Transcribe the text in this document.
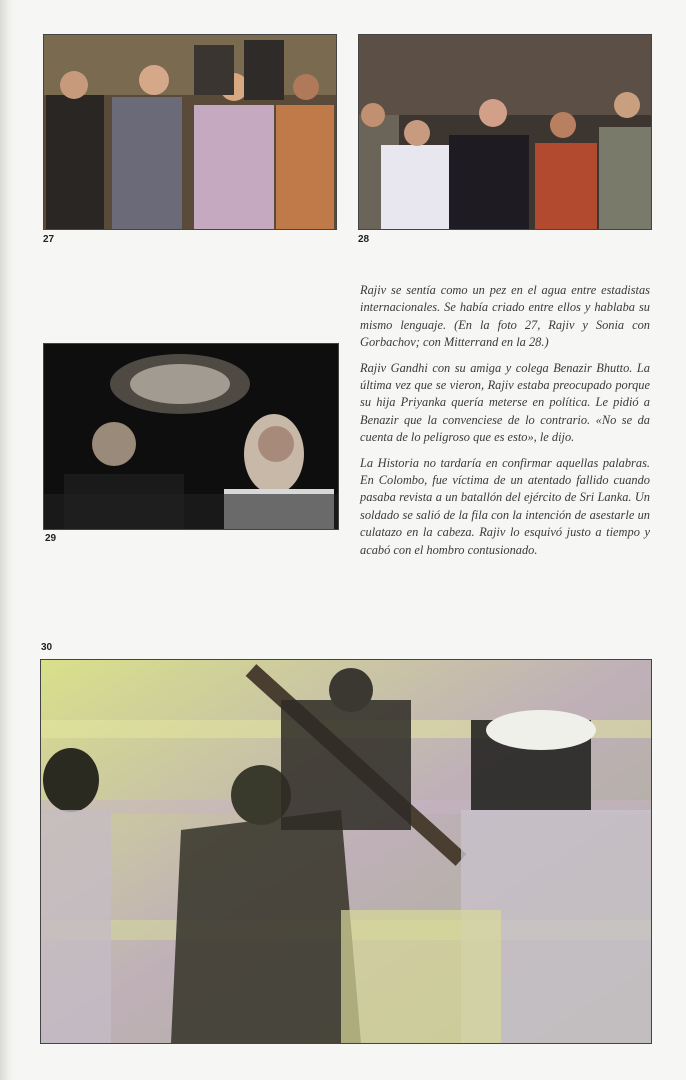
27	28
29

Rajiv se sentía como un pez en el agua entre estadistas internacionales. Se había criado entre ellos y hablaba su mismo lenguaje. (En la foto 27, Rajiv y Sonia con Gorbachov; con Mitterrand en la 28.)

Rajiv Gandhi con su amiga y colega Benazir Bhutto. La última vez que se vieron, Rajiv estaba preocupado porque su hija Priyanka quería meterse en política. Le pidió a Benazir que la convenciese de lo contrario. «No se da cuenta de lo peligroso que es esto», le dijo.

La Historia no tardaría en confirmar aquellas palabras. En Colombo, fue víctima de un atentado fallido cuando pasaba revista a un batallón del ejército de Sri Lanka. Un soldado se salió de la fila con la intención de asestarle un culatazo en la cabeza. Rajiv lo esquivó justo a tiempo y acabó con el hombro contusionado.

30
